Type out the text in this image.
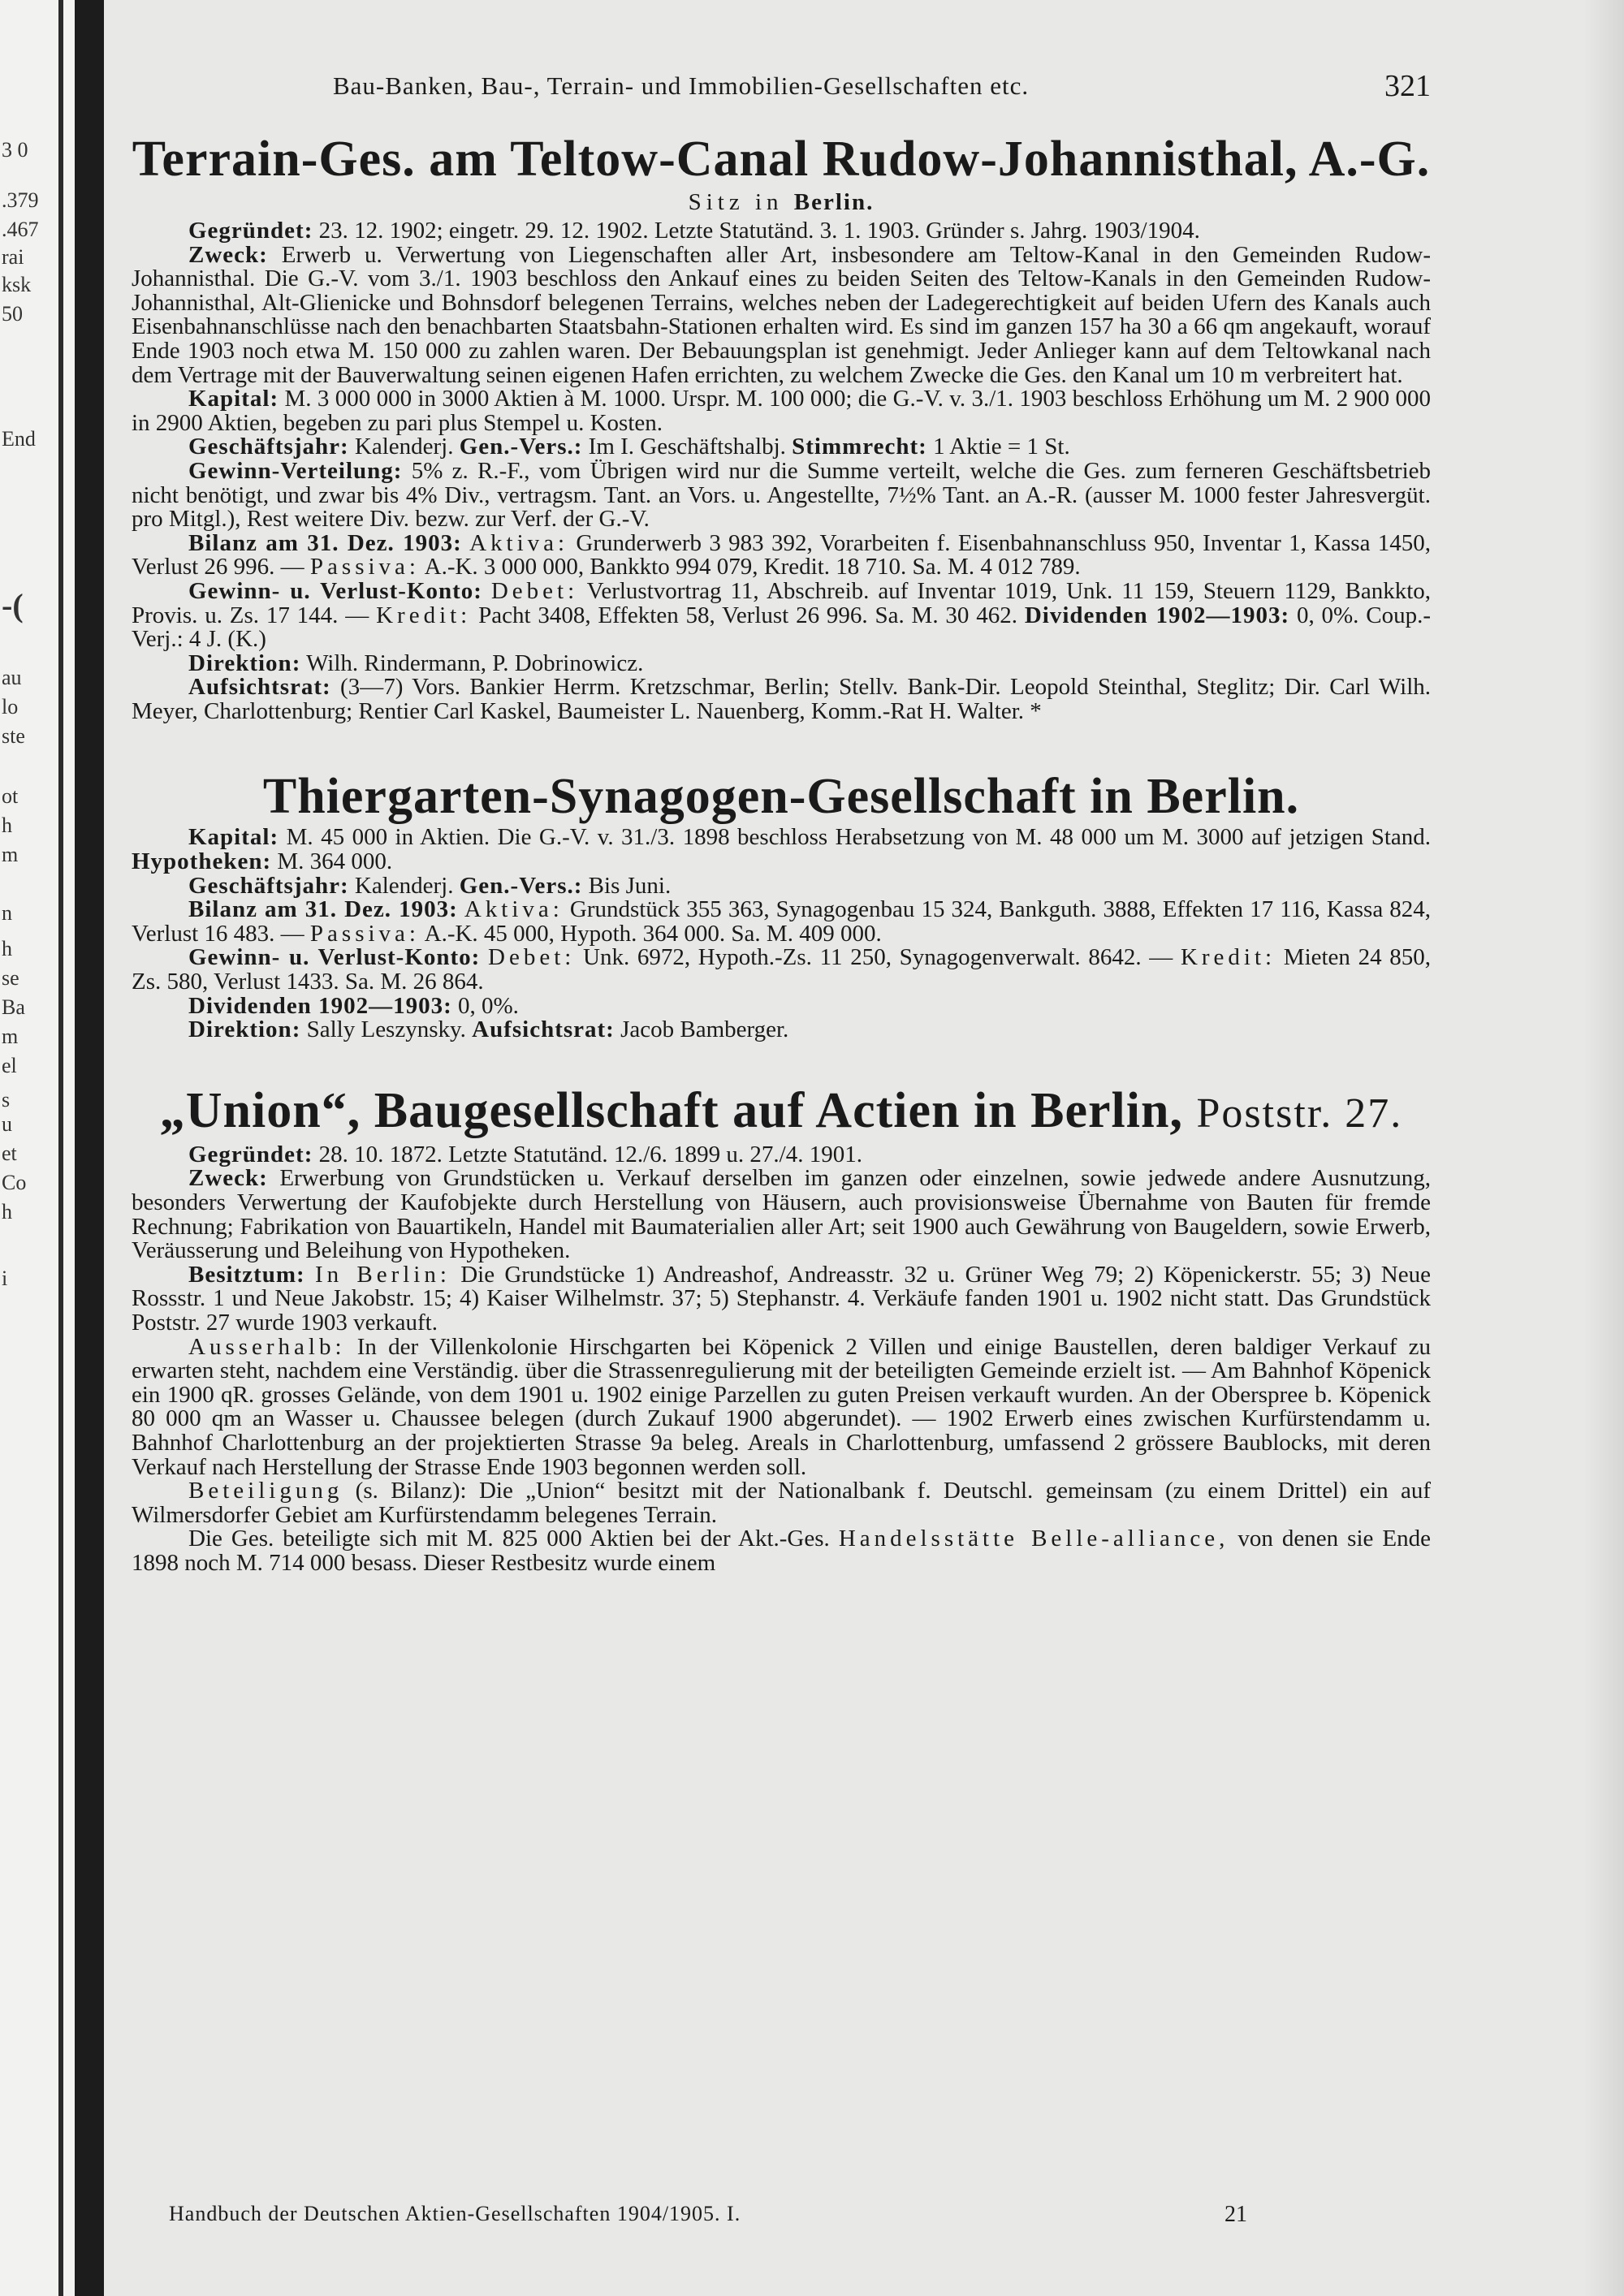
3 0
.379
.467
rai
ksk
50
End
-(
au
lo
ste
ot
h
m
n
h
se
Ba
m
el
s
u
et
Co
h
i
Bau-Banken, Bau-, Terrain- und Immobilien-Gesellschaften etc.	321
Terrain-Ges. am Teltow-Canal Rudow-Johannisthal, A.-G.

Sitz in Berlin.

Gegründet: 23. 12. 1902; eingetr. 29. 12. 1902. Letzte Statutänd. 3. 1. 1903. Gründer s. Jahrg. 1903/1904.

Zweck: Erwerb u. Verwertung von Liegenschaften aller Art, insbesondere am Teltow-Kanal in den Gemeinden Rudow-Johannisthal. Die G.-V. vom 3./1. 1903 beschloss den Ankauf eines zu beiden Seiten des Teltow-Kanals in den Gemeinden Rudow-Johannisthal, Alt-Glienicke und Bohnsdorf belegenen Terrains, welches neben der Ladegerechtigkeit auf beiden Ufern des Kanals auch Eisenbahnanschlüsse nach den benachbarten Staatsbahn-Stationen erhalten wird. Es sind im ganzen 157 ha 30 a 66 qm angekauft, worauf Ende 1903 noch etwa M. 150 000 zu zahlen waren. Der Bebauungsplan ist genehmigt. Jeder Anlieger kann auf dem Teltowkanal nach dem Vertrage mit der Bauverwaltung seinen eigenen Hafen errichten, zu welchem Zwecke die Ges. den Kanal um 10 m verbreitert hat.

Kapital: M. 3 000 000 in 3000 Aktien à M. 1000. Urspr. M. 100 000; die G.-V. v. 3./1. 1903 beschloss Erhöhung um M. 2 900 000 in 2900 Aktien, begeben zu pari plus Stempel u. Kosten.

Geschäftsjahr: Kalenderj. Gen.-Vers.: Im I. Geschäftshalbj. Stimmrecht: 1 Aktie = 1 St.

Gewinn-Verteilung: 5% z. R.-F., vom Übrigen wird nur die Summe verteilt, welche die Ges. zum ferneren Geschäftsbetrieb nicht benötigt, und zwar bis 4% Div., vertragsm. Tant. an Vors. u. Angestellte, 7½% Tant. an A.-R. (ausser M. 1000 fester Jahresvergüt. pro Mitgl.), Rest weitere Div. bezw. zur Verf. der G.-V.

Bilanz am 31. Dez. 1903: Aktiva: Grunderwerb 3 983 392, Vorarbeiten f. Eisenbahnanschluss 950, Inventar 1, Kassa 1450, Verlust 26 996. — Passiva: A.-K. 3 000 000, Bankkto 994 079, Kredit. 18 710. Sa. M. 4 012 789.

Gewinn- u. Verlust-Konto: Debet: Verlustvortrag 11, Abschreib. auf Inventar 1019, Unk. 11 159, Steuern 1129, Bankkto, Provis. u. Zs. 17 144. — Kredit: Pacht 3408, Effekten 58, Verlust 26 996. Sa. M. 30 462. Dividenden 1902—1903: 0, 0%. Coup.-Verj.: 4 J. (K.)

Direktion: Wilh. Rindermann, P. Dobrinowicz.

Aufsichtsrat: (3—7) Vors. Bankier Herrm. Kretzschmar, Berlin; Stellv. Bank-Dir. Leopold Steinthal, Steglitz; Dir. Carl Wilh. Meyer, Charlottenburg; Rentier Carl Kaskel, Baumeister L. Nauenberg, Komm.-Rat H. Walter. *

Thiergarten-Synagogen-Gesellschaft in Berlin.

Kapital: M. 45 000 in Aktien. Die G.-V. v. 31./3. 1898 beschloss Herabsetzung von M. 48 000 um M. 3000 auf jetzigen Stand. Hypotheken: M. 364 000.

Geschäftsjahr: Kalenderj. Gen.-Vers.: Bis Juni.

Bilanz am 31. Dez. 1903: Aktiva: Grundstück 355 363, Synagogenbau 15 324, Bankguth. 3888, Effekten 17 116, Kassa 824, Verlust 16 483. — Passiva: A.-K. 45 000, Hypoth. 364 000. Sa. M. 409 000.

Gewinn- u. Verlust-Konto: Debet: Unk. 6972, Hypoth.-Zs. 11 250, Synagogenverwalt. 8642. — Kredit: Mieten 24 850, Zs. 580, Verlust 1433. Sa. M. 26 864.

Dividenden 1902—1903: 0, 0%.

Direktion: Sally Leszynsky. Aufsichtsrat: Jacob Bamberger.

„Union“, Baugesellschaft auf Actien in Berlin, Poststr. 27.

Gegründet: 28. 10. 1872. Letzte Statutänd. 12./6. 1899 u. 27./4. 1901.

Zweck: Erwerbung von Grundstücken u. Verkauf derselben im ganzen oder einzelnen, sowie jedwede andere Ausnutzung, besonders Verwertung der Kaufobjekte durch Herstellung von Häusern, auch provisionsweise Übernahme von Bauten für fremde Rechnung; Fabrikation von Bauartikeln, Handel mit Baumaterialien aller Art; seit 1900 auch Gewährung von Baugeldern, sowie Erwerb, Veräusserung und Beleihung von Hypotheken.

Besitztum: In Berlin: Die Grundstücke 1) Andreashof, Andreasstr. 32 u. Grüner Weg 79; 2) Köpenickerstr. 55; 3) Neue Rossstr. 1 und Neue Jakobstr. 15; 4) Kaiser Wilhelmstr. 37; 5) Stephanstr. 4. Verkäufe fanden 1901 u. 1902 nicht statt. Das Grundstück Poststr. 27 wurde 1903 verkauft.

Ausserhalb: In der Villenkolonie Hirschgarten bei Köpenick 2 Villen und einige Baustellen, deren baldiger Verkauf zu erwarten steht, nachdem eine Verständig. über die Strassenregulierung mit der beteiligten Gemeinde erzielt ist. — Am Bahnhof Köpenick ein 1900 qR. grosses Gelände, von dem 1901 u. 1902 einige Parzellen zu guten Preisen verkauft wurden. An der Oberspree b. Köpenick 80 000 qm an Wasser u. Chaussee belegen (durch Zukauf 1900 abgerundet). — 1902 Erwerb eines zwischen Kurfürstendamm u. Bahnhof Charlottenburg an der projektierten Strasse 9a beleg. Areals in Charlottenburg, umfassend 2 grössere Baublocks, mit deren Verkauf nach Herstellung der Strasse Ende 1903 begonnen werden soll.

Beteiligung (s. Bilanz): Die „Union“ besitzt mit der Nationalbank f. Deutschl. gemeinsam (zu einem Drittel) ein auf Wilmersdorfer Gebiet am Kurfürstendamm belegenes Terrain.

Die Ges. beteiligte sich mit M. 825 000 Aktien bei der Akt.-Ges. Handelsstätte Belle-alliance, von denen sie Ende 1898 noch M. 714 000 besass. Dieser Restbesitz wurde einem

Handbuch der Deutschen Aktien-Gesellschaften 1904/1905. I.	21
